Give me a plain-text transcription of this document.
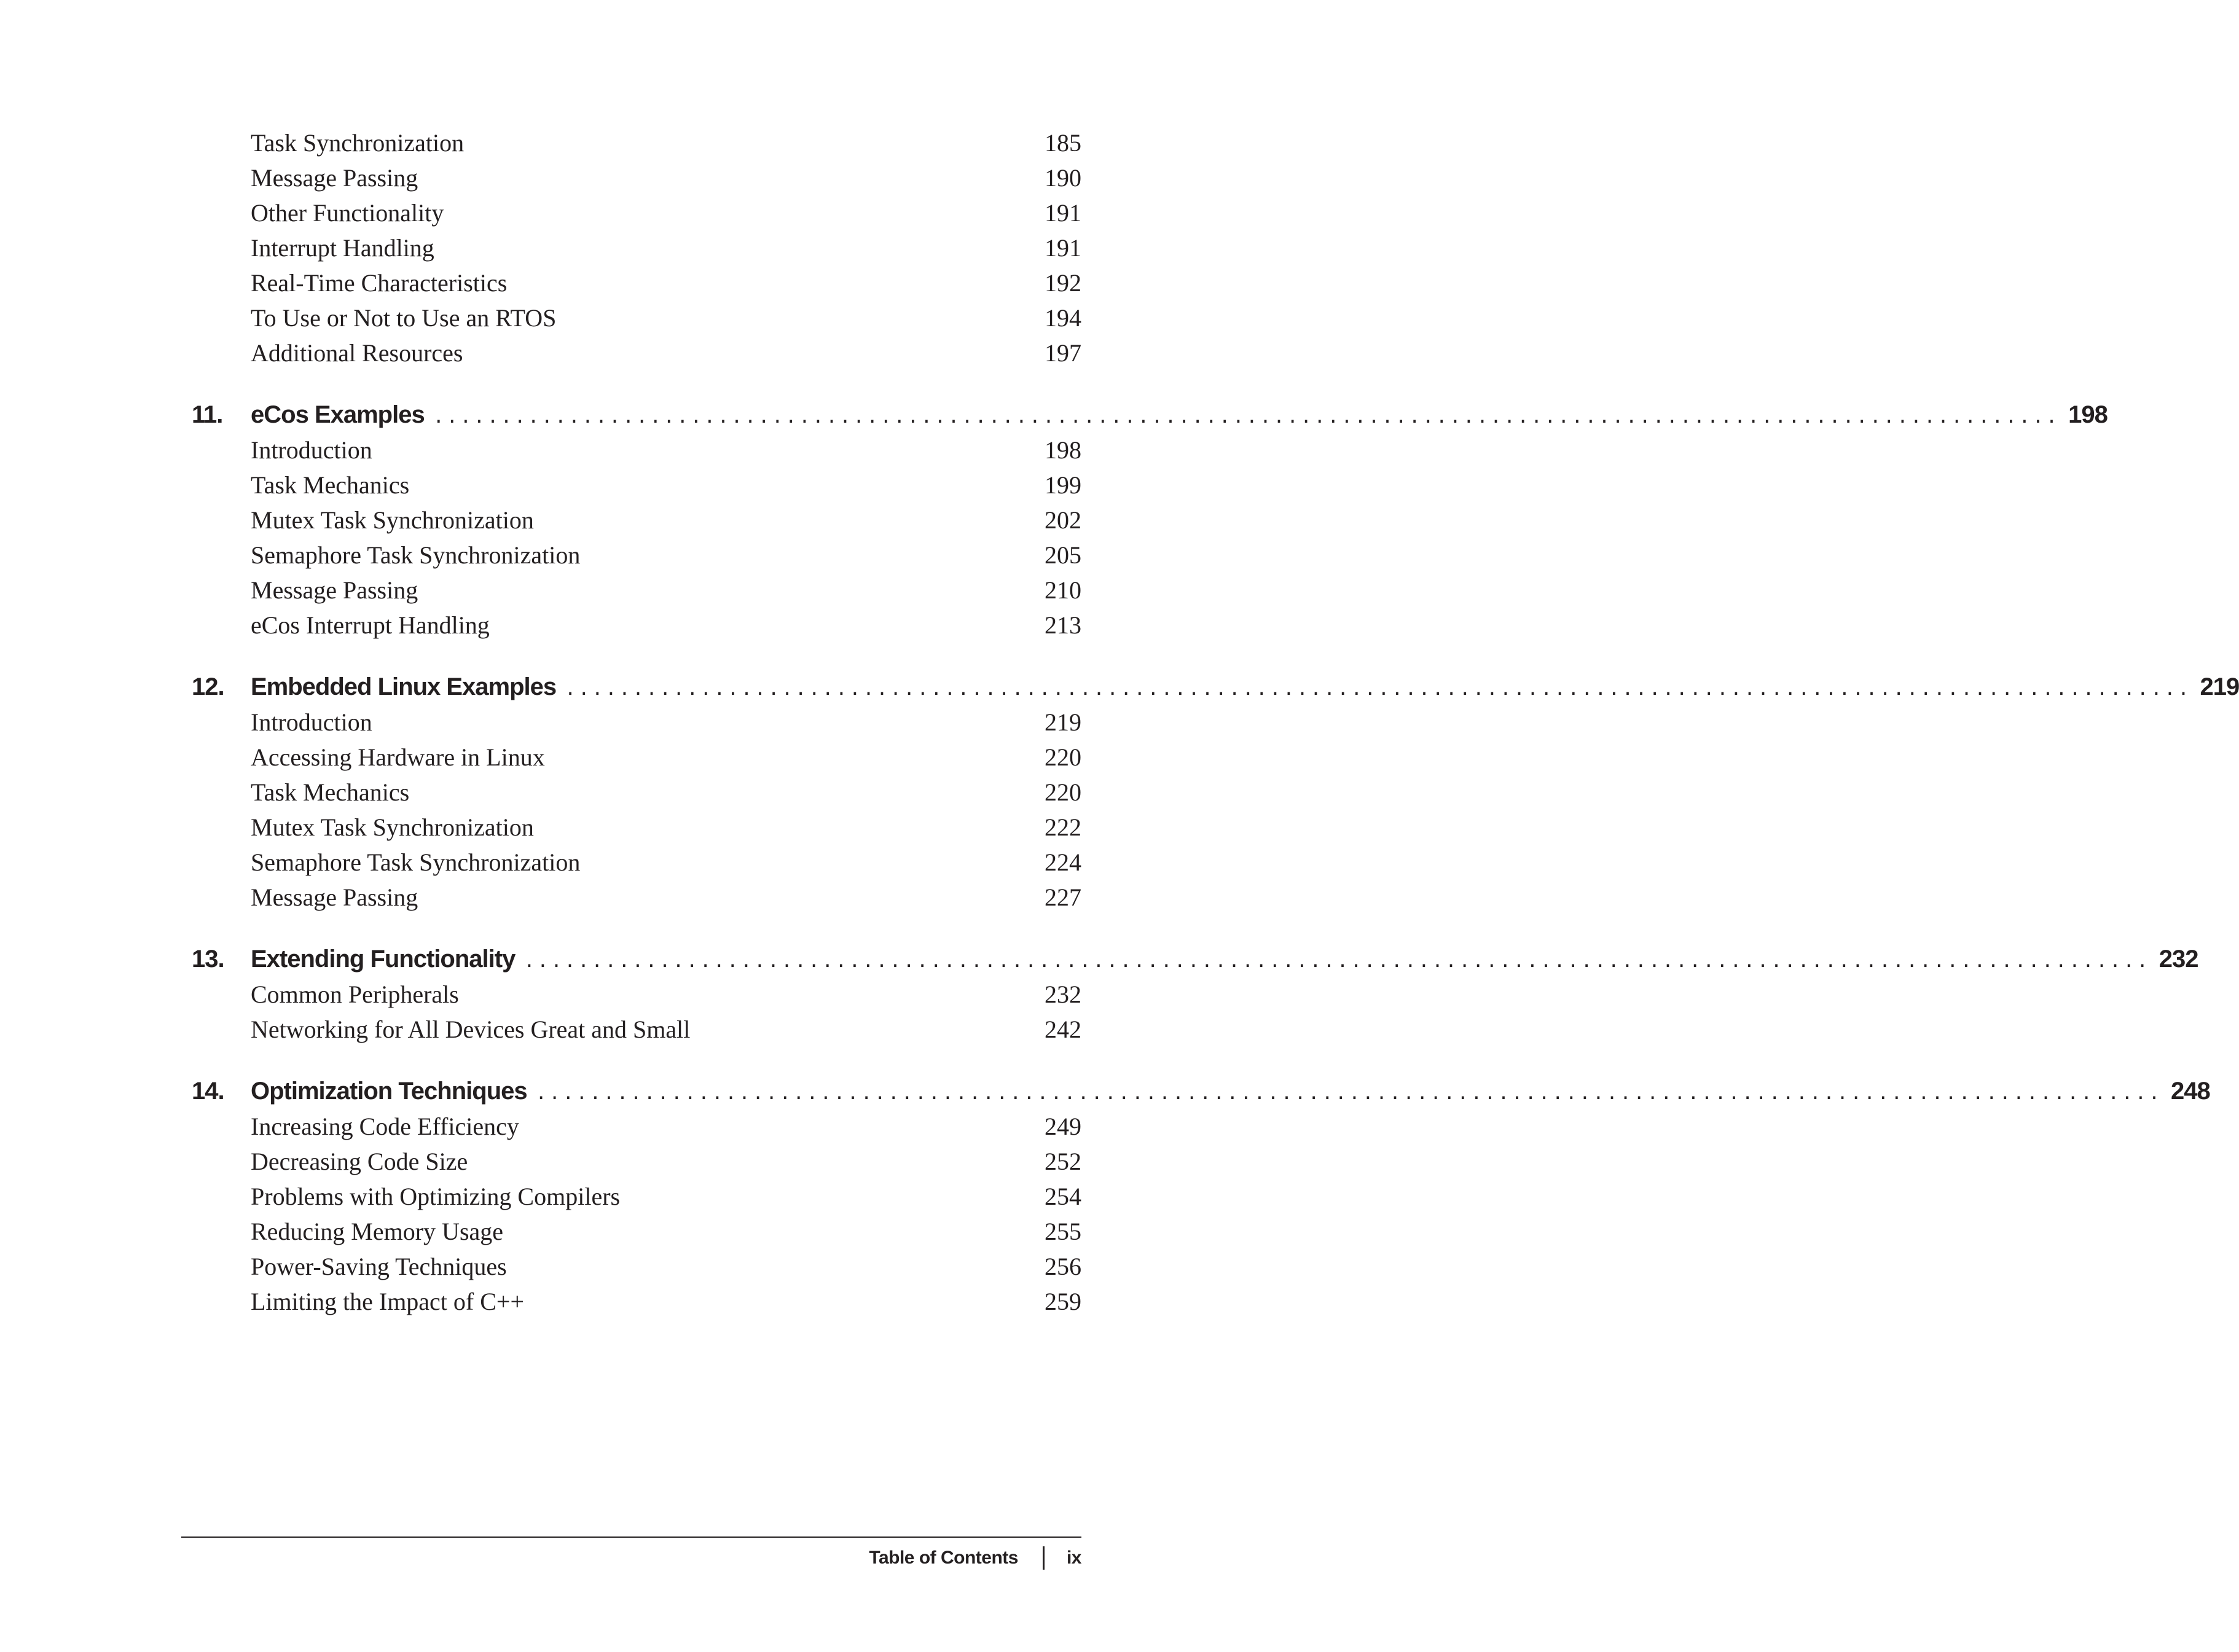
Task Synchronization	185
Message Passing	190
Other Functionality	191
Interrupt Handling	191
Real-Time Characteristics	192
To Use or Not to Use an RTOS	194
Additional Resources	197
11. eCos Examples ........................................................................................................................ 198
Introduction	198
Task Mechanics	199
Mutex Task Synchronization	202
Semaphore Task Synchronization	205
Message Passing	210
eCos Interrupt Handling	213
12. Embedded Linux Examples ........................................................................................................................ 219
Introduction	219
Accessing Hardware in Linux	220
Task Mechanics	220
Mutex Task Synchronization	222
Semaphore Task Synchronization	224
Message Passing	227
13. Extending Functionality ........................................................................................................................ 232
Common Peripherals	232
Networking for All Devices Great and Small	242
14. Optimization Techniques ........................................................................................................................ 248
Increasing Code Efficiency	249
Decreasing Code Size	252
Problems with Optimizing Compilers	254
Reducing Memory Usage	255
Power-Saving Techniques	256
Limiting the Impact of C++	259
Table of Contents	ix
